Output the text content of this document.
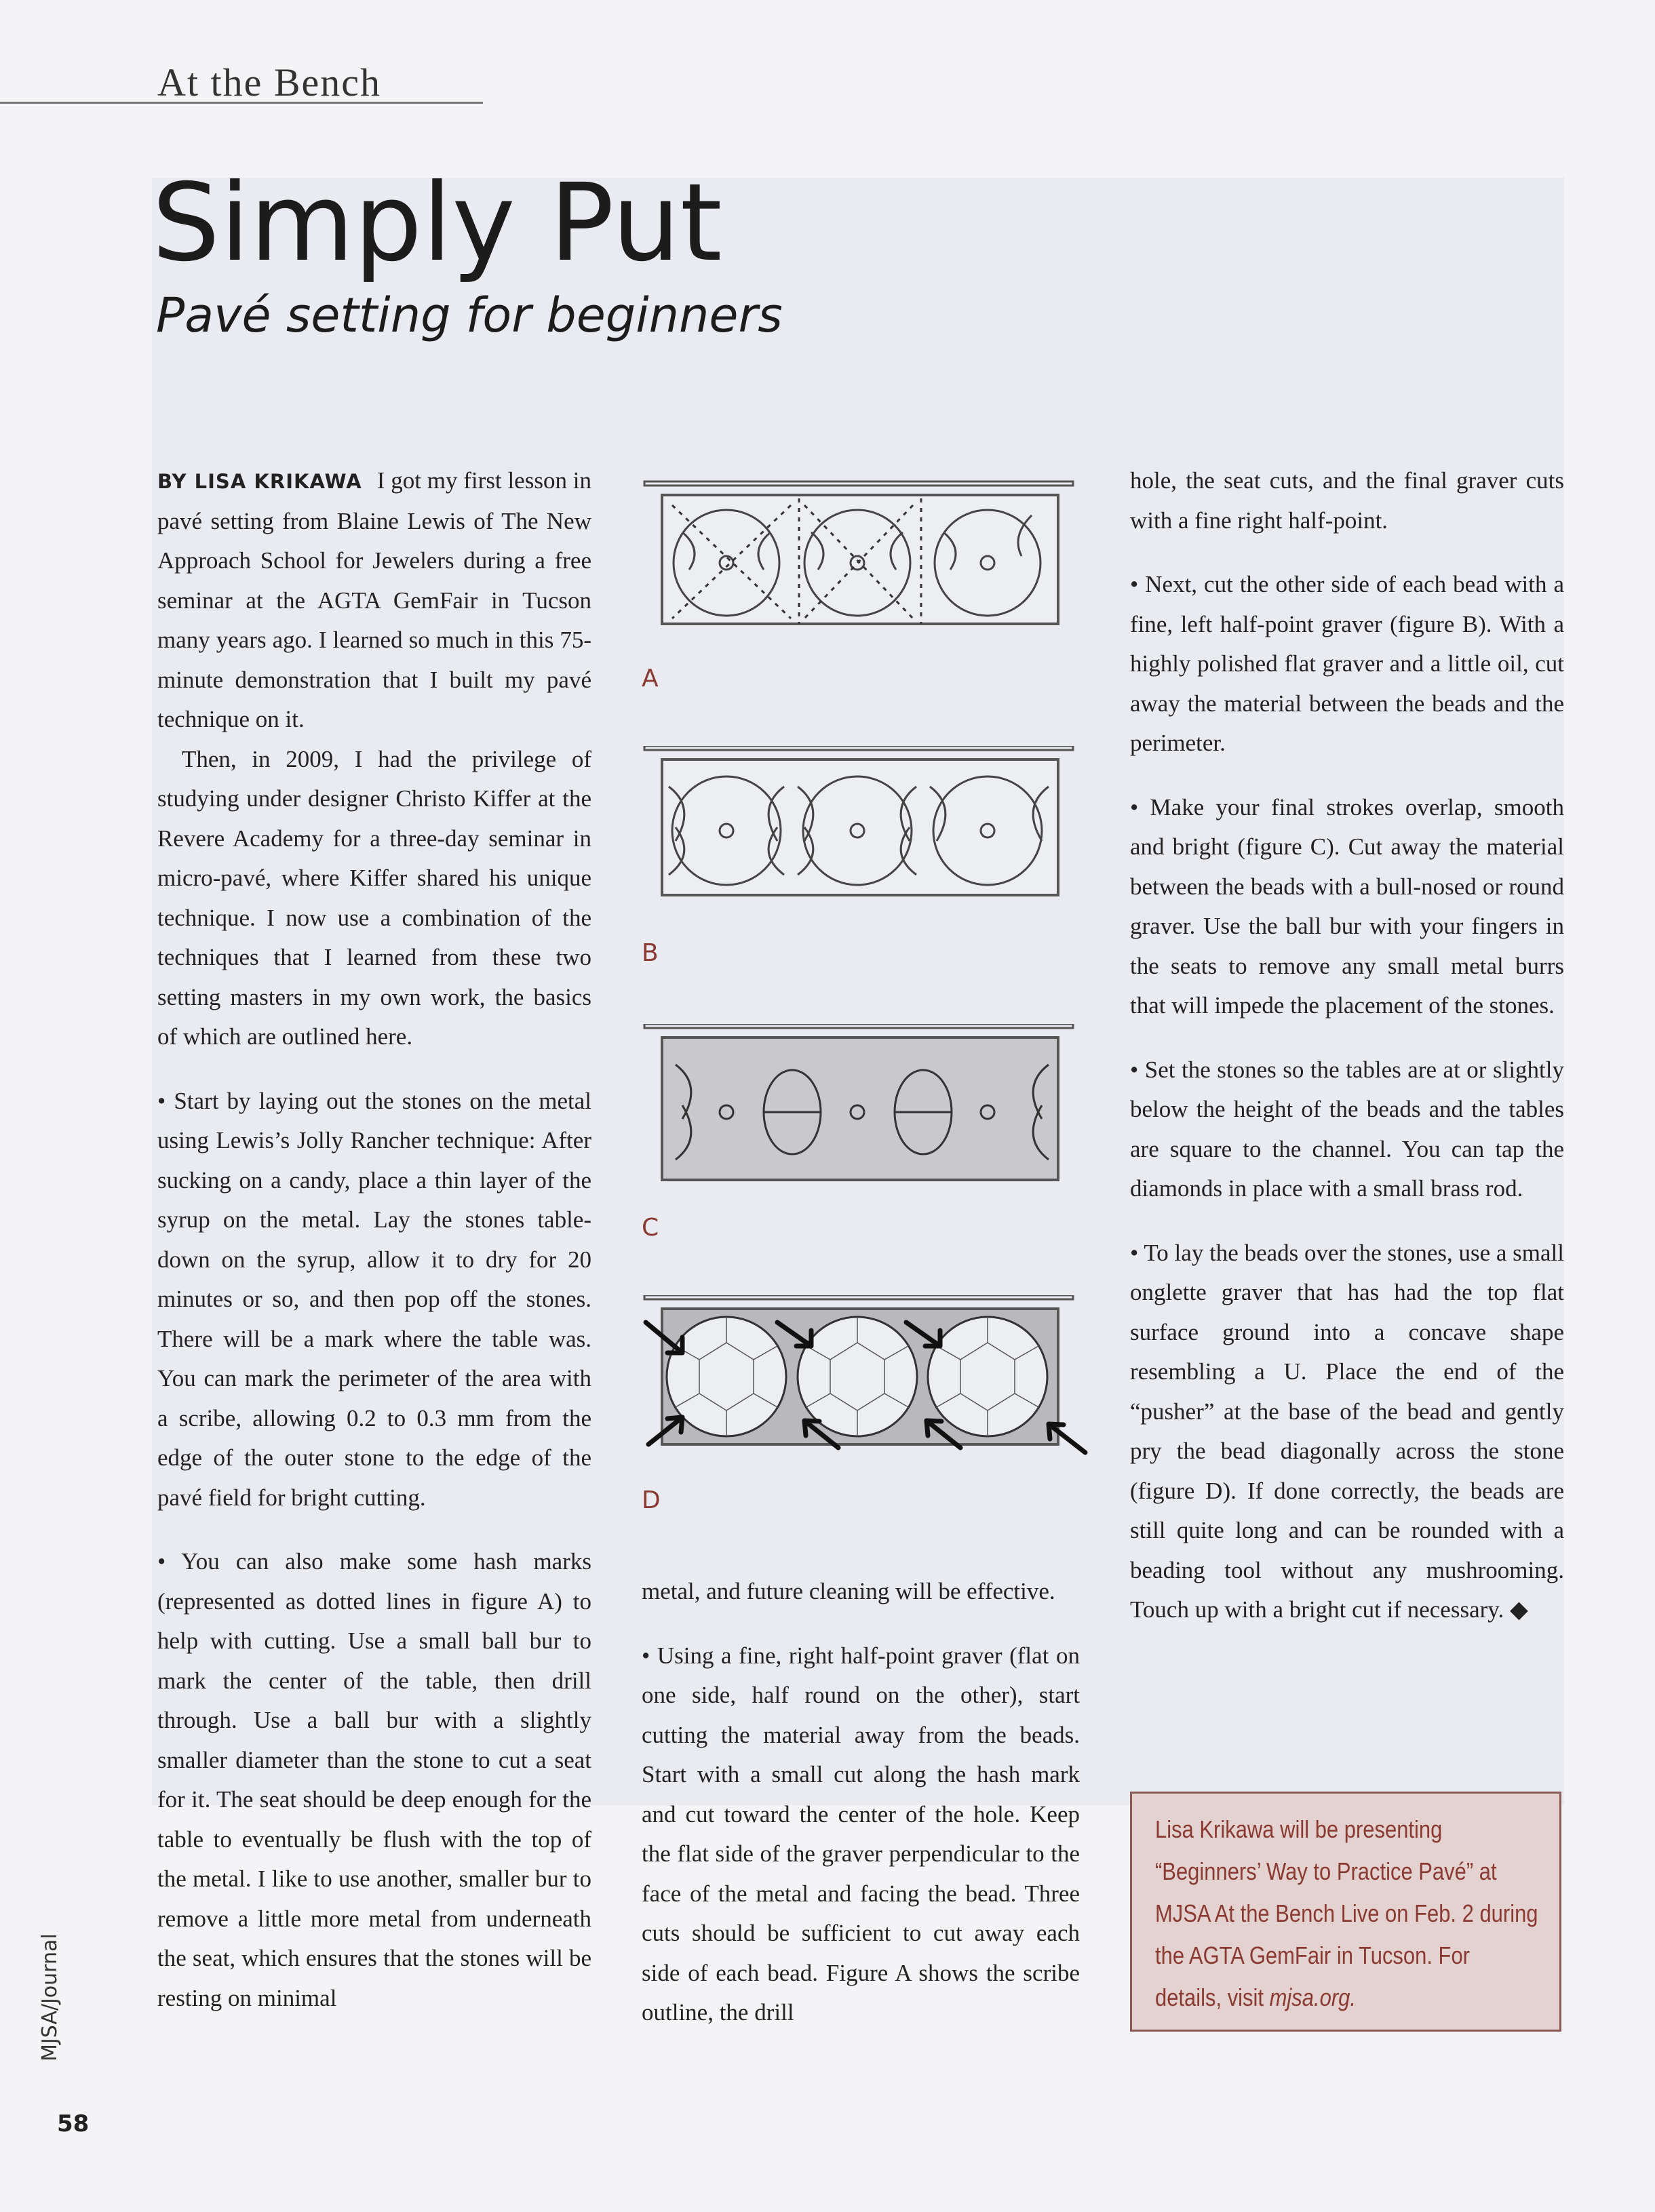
At the Bench
Simply Put
Pavé setting for beginners

BY LISA KRIKAWA I got my first lesson in pavé setting from Blaine Lewis of The New Approach School for Jewelers during a free seminar at the AGTA GemFair in Tucson many years ago. I learned so much in this 75-minute demonstration that I built my pavé technique on it.

Then, in 2009, I had the privilege of studying under designer Christo Kiffer at the Revere Academy for a three-day seminar in micro-pavé, where Kiffer shared his unique technique. I now use a combination of the techniques that I learned from these two setting masters in my own work, the basics of which are outlined here.

• Start by laying out the stones on the metal using Lewis’s Jolly Rancher technique: After sucking on a candy, place a thin layer of the syrup on the metal. Lay the stones table-down on the syrup, allow it to dry for 20 minutes or so, and then pop off the stones. There will be a mark where the table was. You can mark the perimeter of the area with a scribe, allowing 0.2 to 0.3 mm from the edge of the outer stone to the edge of the pavé field for bright cutting.

• You can also make some hash marks (represented as dotted lines in figure A) to help with cutting. Use a small ball bur to mark the center of the table, then drill through. Use a ball bur with a slightly smaller diameter than the stone to cut a seat for it. The seat should be deep enough for the table to eventually be flush with the top of the metal. I like to use another, smaller bur to remove a little more metal from underneath the seat, which ensures that the stones will be resting on minimal

A
B
C
D

metal, and future cleaning will be effective.

• Using a fine, right half-point graver (flat on one side, half round on the other), start cutting the material away from the beads. Start with a small cut along the hash mark and cut toward the center of the hole. Keep the flat side of the graver perpendicular to the face of the metal and facing the bead. Three cuts should be sufficient to cut away each side of each bead. Figure A shows the scribe outline, the drill

hole, the seat cuts, and the final graver cuts with a fine right half-point.

• Next, cut the other side of each bead with a fine, left half-point graver (figure B). With a highly polished flat graver and a little oil, cut away the material between the beads and the perimeter.

• Make your final strokes overlap, smooth and bright (figure C). Cut away the material between the beads with a bull-nosed or round graver. Use the ball bur with your fingers in the seats to remove any small metal burrs that will impede the placement of the stones.

• Set the stones so the tables are at or slightly below the height of the beads and the tables are square to the channel. You can tap the diamonds in place with a small brass rod.

• To lay the beads over the stones, use a small onglette graver that has had the top flat surface ground into a concave shape resembling a U. Place the end of the “pusher” at the base of the bead and gently pry the bead diagonally across the stone (figure D). If done correctly, the beads are still quite long and can be rounded with a beading tool without any mushrooming. Touch up with a bright cut if necessary. ◆

Lisa Krikawa will be presenting “Beginners’ Way to Practice Pavé” at MJSA At the Bench Live on Feb. 2 during the AGTA GemFair in Tucson. For details, visit mjsa.org.

MJSA/Journal
58
